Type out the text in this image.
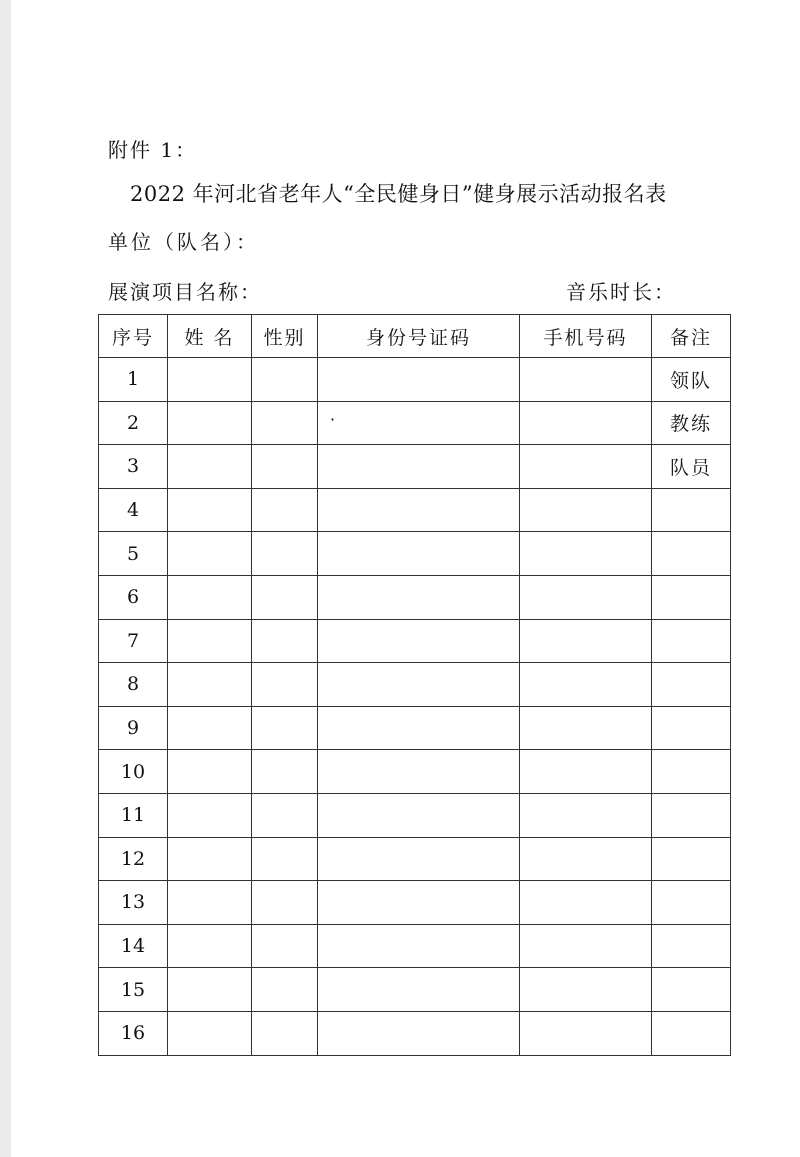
附件 1：
2022 年河北省老年人“全民健身日”健身展示活动报名表
单位（队名）：
展演项目名称：	音乐时长：
序号	姓 名	性别	身份号证码	手机号码	备注
1					领队
2			·		教练
3					队员
4					
5					
6					
7					
8					
9					
10					
11					
12					
13					
14					
15					
16					
